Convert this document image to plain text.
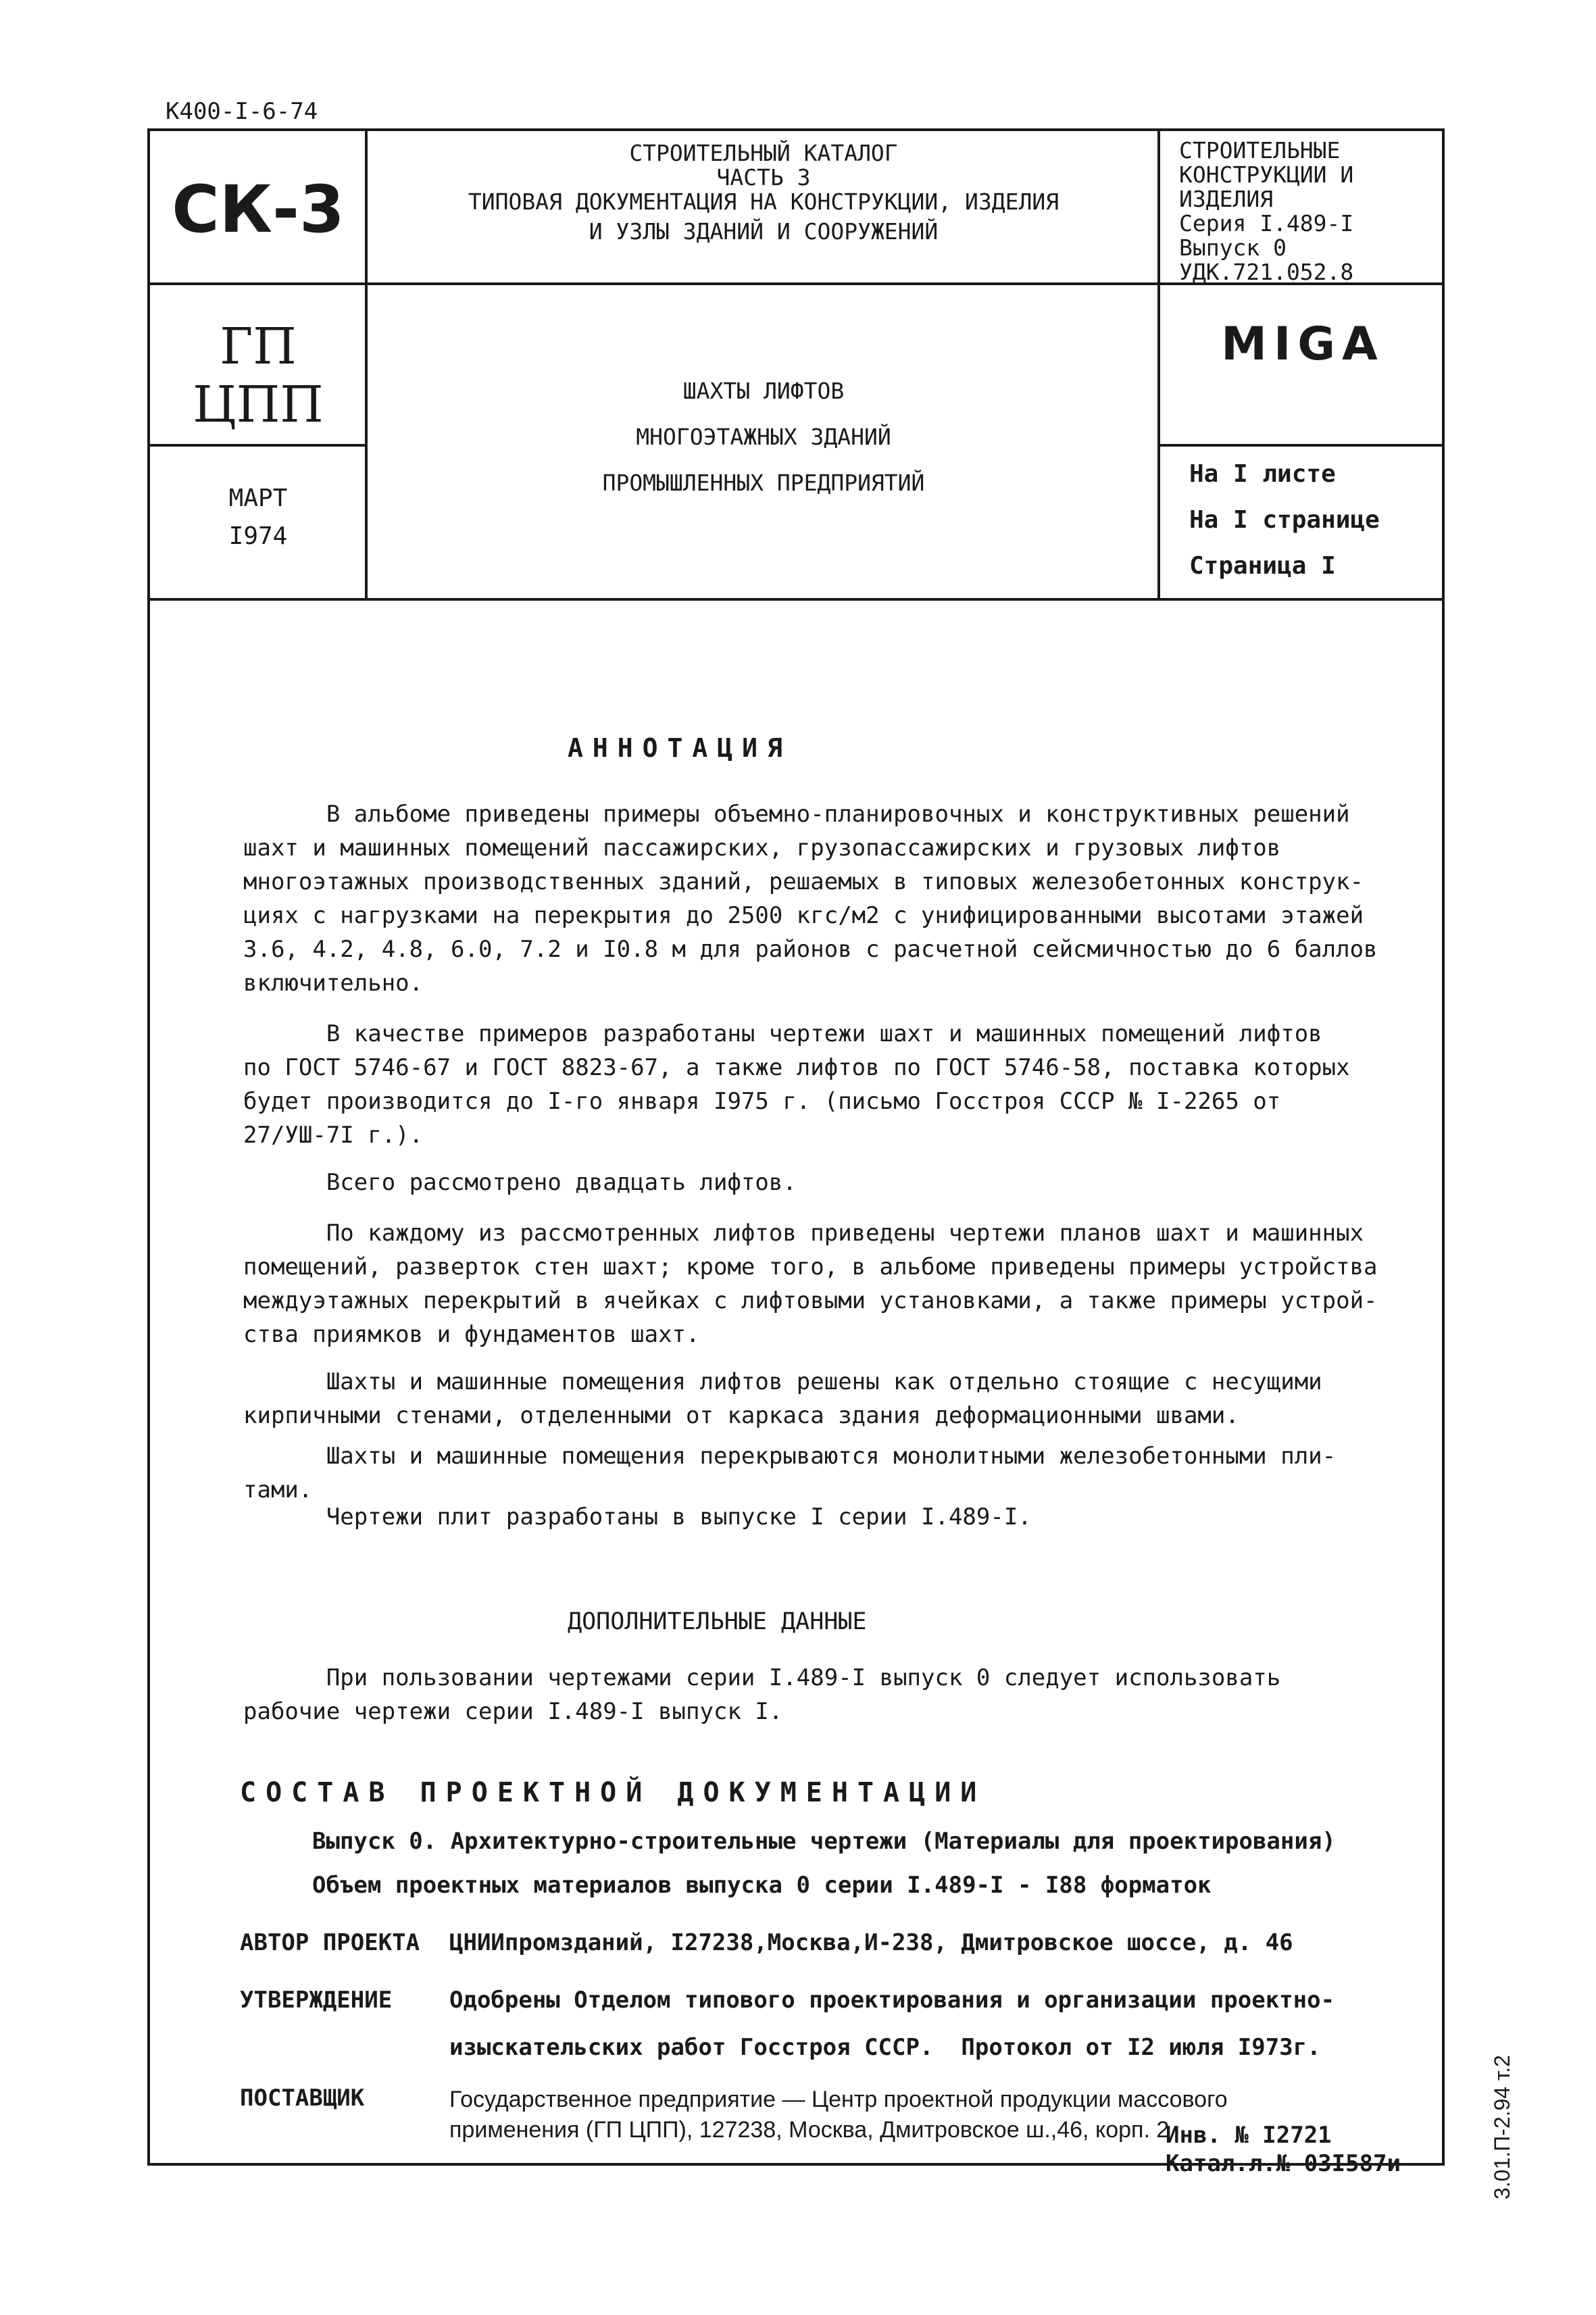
К400-I-6-74
СК-3
СТРОИТЕЛЬНЫЙ КАТАЛОГ
ЧАСТЬ 3
ТИПОВАЯ ДОКУМЕНТАЦИЯ НА КОНСТРУКЦИИ, ИЗДЕЛИЯ
И УЗЛЫ ЗДАНИЙ И СООРУЖЕНИЙ
СТРОИТЕЛЬНЫЕ
КОНСТРУКЦИИ И
ИЗДЕЛИЯ
Серия I.489-I
Выпуск 0
УДК.721.052.8
ГП
ЦПП
МАРТ
I974
ШАХТЫ ЛИФТОВ
МНОГОЭТАЖНЫХ ЗДАНИЙ
ПРОМЫШЛЕННЫХ ПРЕДПРИЯТИЙ
MIGA
На I листе
На I странице
Страница I
АННОТАЦИЯ
В альбоме приведены примеры объемно-планировочных и конструктивных решений
шахт и машинных помещений пассажирских, грузопассажирских и грузовых лифтов
многоэтажных производственных зданий, решаемых в типовых железобетонных конструк-
циях с нагрузками на перекрытия до 2500 кгс/м2 с унифицированными высотами этажей
3.6, 4.2, 4.8, 6.0, 7.2 и I0.8 м для районов с расчетной сейсмичностью до 6 баллов
включительно.
В качестве примеров разработаны чертежи шахт и машинных помещений лифтов
по ГОСТ 5746-67 и ГОСТ 8823-67, а также лифтов по ГОСТ 5746-58, поставка которых
будет производится до I-го января I975 г. (письмо Госстроя СССР № I-2265 от
27/УШ-7I г.).
Всего рассмотрено двадцать лифтов.
По каждому из рассмотренных лифтов приведены чертежи планов шахт и машинных
помещений, разверток стен шахт; кроме того, в альбоме приведены примеры устройства
междуэтажных перекрытий в ячейках с лифтовыми установками, а также примеры устрой-
ства приямков и фундаментов шахт.
Шахты и машинные помещения лифтов решены как отдельно стоящие с несущими
кирпичными стенами, отделенными от каркаса здания деформационными швами.
Шахты и машинные помещения перекрываются монолитными железобетонными пли-
тами.
Чертежи плит разработаны в выпуске I серии I.489-I.
ДОПОЛНИТЕЛЬНЫЕ ДАННЫЕ
При пользовании чертежами серии I.489-I выпуск 0 следует использовать
рабочие чертежи серии I.489-I выпуск I.
СОСТАВ ПРОЕКТНОЙ ДОКУМЕНТАЦИИ
Выпуск 0. Архитектурно-строительные чертежи (Материалы для проектирования)
Объем проектных материалов выпуска 0 серии I.489-I - I88 форматок
АВТОР ПРОЕКТА ЦНИИпромзданий, I27238,Москва,И-238, Дмитровское шоссе, д. 46
УТВЕРЖДЕНИЕ Одобрены Отделом типового проектирования и организации проектно-
изыскательских работ Госстроя СССР.  Протокол от I2 июля I973г.
ПОСТАВЩИК	Государственное предприятие — Центр проектной продукции массового
применения (ГП ЦПП), 127238, Москва, Дмитровское ш.,46, корп. 2
Инв. № I2721
Катал.л.№ 03I587и	3.01.П-2.94 т.2
